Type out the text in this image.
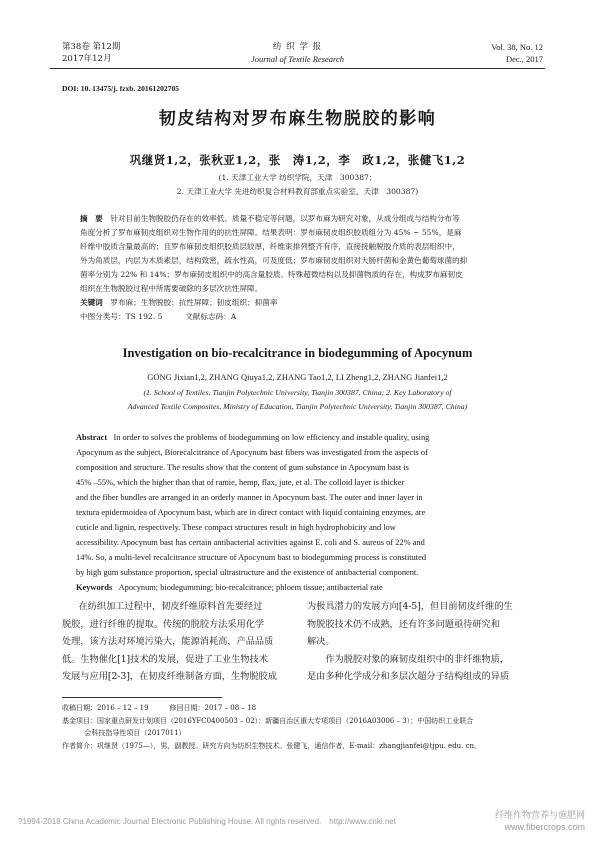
第38卷 第12期
2017年12月
纺 织 学 报
Journal of Textile Research
Vol. 38, No. 12
Dec., 2017
DOI: 10. 13475/j. fzxb. 20161202705
韧皮结构对罗布麻生物脱胶的影响
巩继贤1,2，张秋亚1,2，张　涛1,2，李　政1,2，张健飞1,2
(1. 天津工业大学 纺织学院，天津　300387；
2. 天津工业大学 先进纺织复合材料教育部重点实验室，天津　300387)
摘　要　 针对目前生物脱胶仍存在的效率低、质量不稳定等问题，以罗布麻为研究对象，从成分组成与结构分布等
角度分析了罗布麻韧皮组织对生物作用的的抗性屏障。结果表明：罗布麻韧皮组织胶质组分为 45% ~ 55%，是麻
纤维中胶质含量最高的；且罗布麻韧皮组织胶质层较厚，纤维束排列整齐有序，直接接触脱胶介质的表层组织中，
外为角质层，内层为木质素层，结构致密，疏水性高，可及度低；罗布麻韧皮组织对大肠杆菌和金黄色葡萄球菌的抑
菌率分别为 22% 和 14%；罗布麻韧皮组织中的高含量胶质、特殊超微结构以及抑菌物质的存在，构成罗布麻韧皮
组织在生物脱胶过程中所需要破除的多层次抗性屏障。
关键词　 罗布麻；生物脱胶；抗性屏障；韧皮组织；抑菌率
中图分类号：TS 192. 5　　　	文献标志码：A
Investigation on bio-recalcitrance in biodegumming of Apocynum
GONG Jixian1,2, ZHANG Qiuya1,2, ZHANG Tao1,2, LI Zheng1,2, ZHANG Jianfei1,2
(1. School of Textiles, Tianjin Polytechnic University, Tianjin 300387, China; 2. Key Laboratory of
Advanced Textile Composites, Ministry of Education, Tianjin Polytechnic University, Tianjin 300387, China)
Abstract In order to solves the problems of biodegumming on low efficiency and instable quality, using
Apocynum as the subject, Biorecalcitrance of Apocynum bast fibers was investigated from the aspects of
composition and structure. The results show that the content of gum substance in Apocynum bast is
45% –55%, which the higher than that of ramie, hemp, flax, jute, et al. The colloid layer is thicker
and the fiber bundles are arranged in an orderly manner in Apocynum bast. The outer and inner layer in
textura epidermoidea of Apocynum bast, which are in direct contact with liquid containing enzymes, are
cuticle and lignin, respectively. These compact structures result in high hydrophobicity and low
accessibility. Apocynum bast has certain antibacterial activities against E. coli and S. aureus of 22% and
14%. So, a multi-level recalcitrance structure of Apocynum bast to biodegumming process is constituted
by high gum substance proportion, special ultrastructure and the existence of antibacterial component.
Keywords Apocynum; biodegumming; bio-recalcitrance; phloem tissue; antibacterial rate
在纺织加工过程中，韧皮纤维原料首先要经过
脱胶，进行纤维的提取。传统的脱胶方法采用化学
处理，该方法对环境污染大，能源消耗高，产品品质
低。生物催化[1]技术的发展，促进了工业生物技术
发展与应用[2-3]，在韧皮纤维制备方面，生物脱胶成
为极具潜力的发展方向[4-5]，但目前韧皮纤维的生
物脱胶技术仍不成熟，还有许多问题亟待研究和
解决。
　　作为脱胶对象的麻韧皮组织中的非纤维物质，
是由多种化学成分和多层次超分子结构组成的异质
收稿日期：2016 – 12 – 19　　　修回日期：2017 – 08 – 18
基金项目：国家重点研发计划项目（2016YFC0400503 – 02）；新疆自治区重大专项项目（2016A03006 – 3）；中国纺织工业联合
会科技指导性项目（2017011）
作者简介：巩继贤（1975—），男，副教授。研究方向为纺织生物技术。张健飞，通信作者，E-mail：zhangjianfei@tjpu. edu. cn。
?1994-2018 China Academic Journal Electronic Publishing House. All rights reserved.　http://www.cnki.net
纤维作物营养与施肥网
www.fibercrops.com
